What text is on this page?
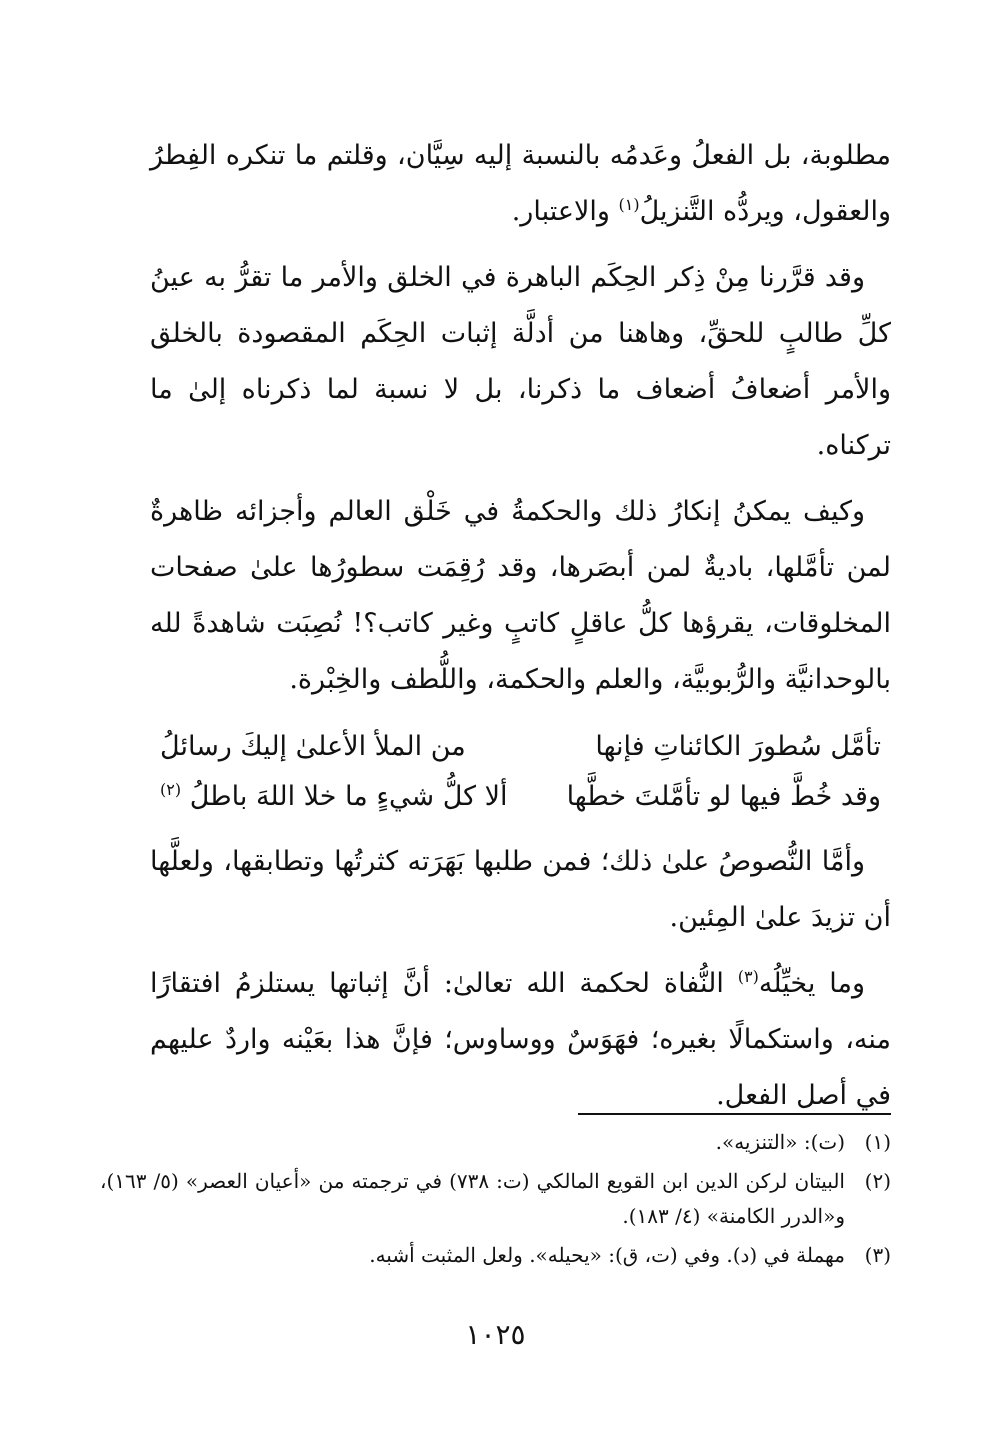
مطلوبة، بل الفعلُ وعَدمُه بالنسبة إليه سِيَّان، وقلتم ما تنكره الفِطرُ والعقول، ويردُّه التَّنزيلُ$^{(١)}$ والاعتبار.

وقد قرَّرنا مِنْ ذِكر الحِكَم الباهرة في الخلق والأمر ما تقرُّ به عينُ كلِّ طالبٍ للحقِّ، وهاهنا من أدلَّة إثبات الحِكَم المقصودة بالخلق والأمر أضعافُ أضعاف ما ذكرنا، بل لا نسبة لما ذكرناه إلىٰ ما تركناه.

وكيف يمكنُ إنكارُ ذلك والحكمةُ في خَلْق العالم وأجزائه ظاهرةٌ لمن تأمَّلها، باديةٌ لمن أبصَرها، وقد رُقِمَت سطورُها علىٰ صفحات المخلوقات، يقرؤها كلُّ عاقلٍ كاتبٍ وغير كاتب؟! نُصِبَت شاهدةً لله بالوحدانيَّة والرُّبوبيَّة، والعلم والحكمة، واللُّطف والخِبْرة.

تأمَّل سُطورَ الكائناتِ فإنها
من الملأ الأعلىٰ إليكَ رسائلُ
وقد خُطَّ فيها لو تأمَّلتَ خطَّها
ألا كلُّ شيءٍ ما خلا اللهَ باطلُ $^{(٢)}$

وأمَّا النُّصوصُ علىٰ ذلك؛ فمن طلبها بَهَرَته كثرتُها وتطابقها، ولعلَّها أن تزيدَ علىٰ المِئين.

وما يخيِّلُه$^{(٣)}$ النُّفاة لحكمة الله تعالىٰ: أنَّ إثباتها يستلزمُ افتقارًا منه، واستكمالًا بغيره؛ فهَوَسٌ ووساوس؛ فإنَّ هذا بعَيْنه واردٌ عليهم في أصل الفعل.

(١)
(ت): «التنزيه».
(٢)
البيتان لركن الدين ابن القويع المالكي (ت: ٧٣٨) في ترجمته من «أعيان العصر» (٥/ ١٦٣)، و«الدرر الكامنة» (٤/ ١٨٣).
(٣)
مهملة في (د). وفي (ت، ق): «يحيله». ولعل المثبت أشبه.
١٠٢٥
